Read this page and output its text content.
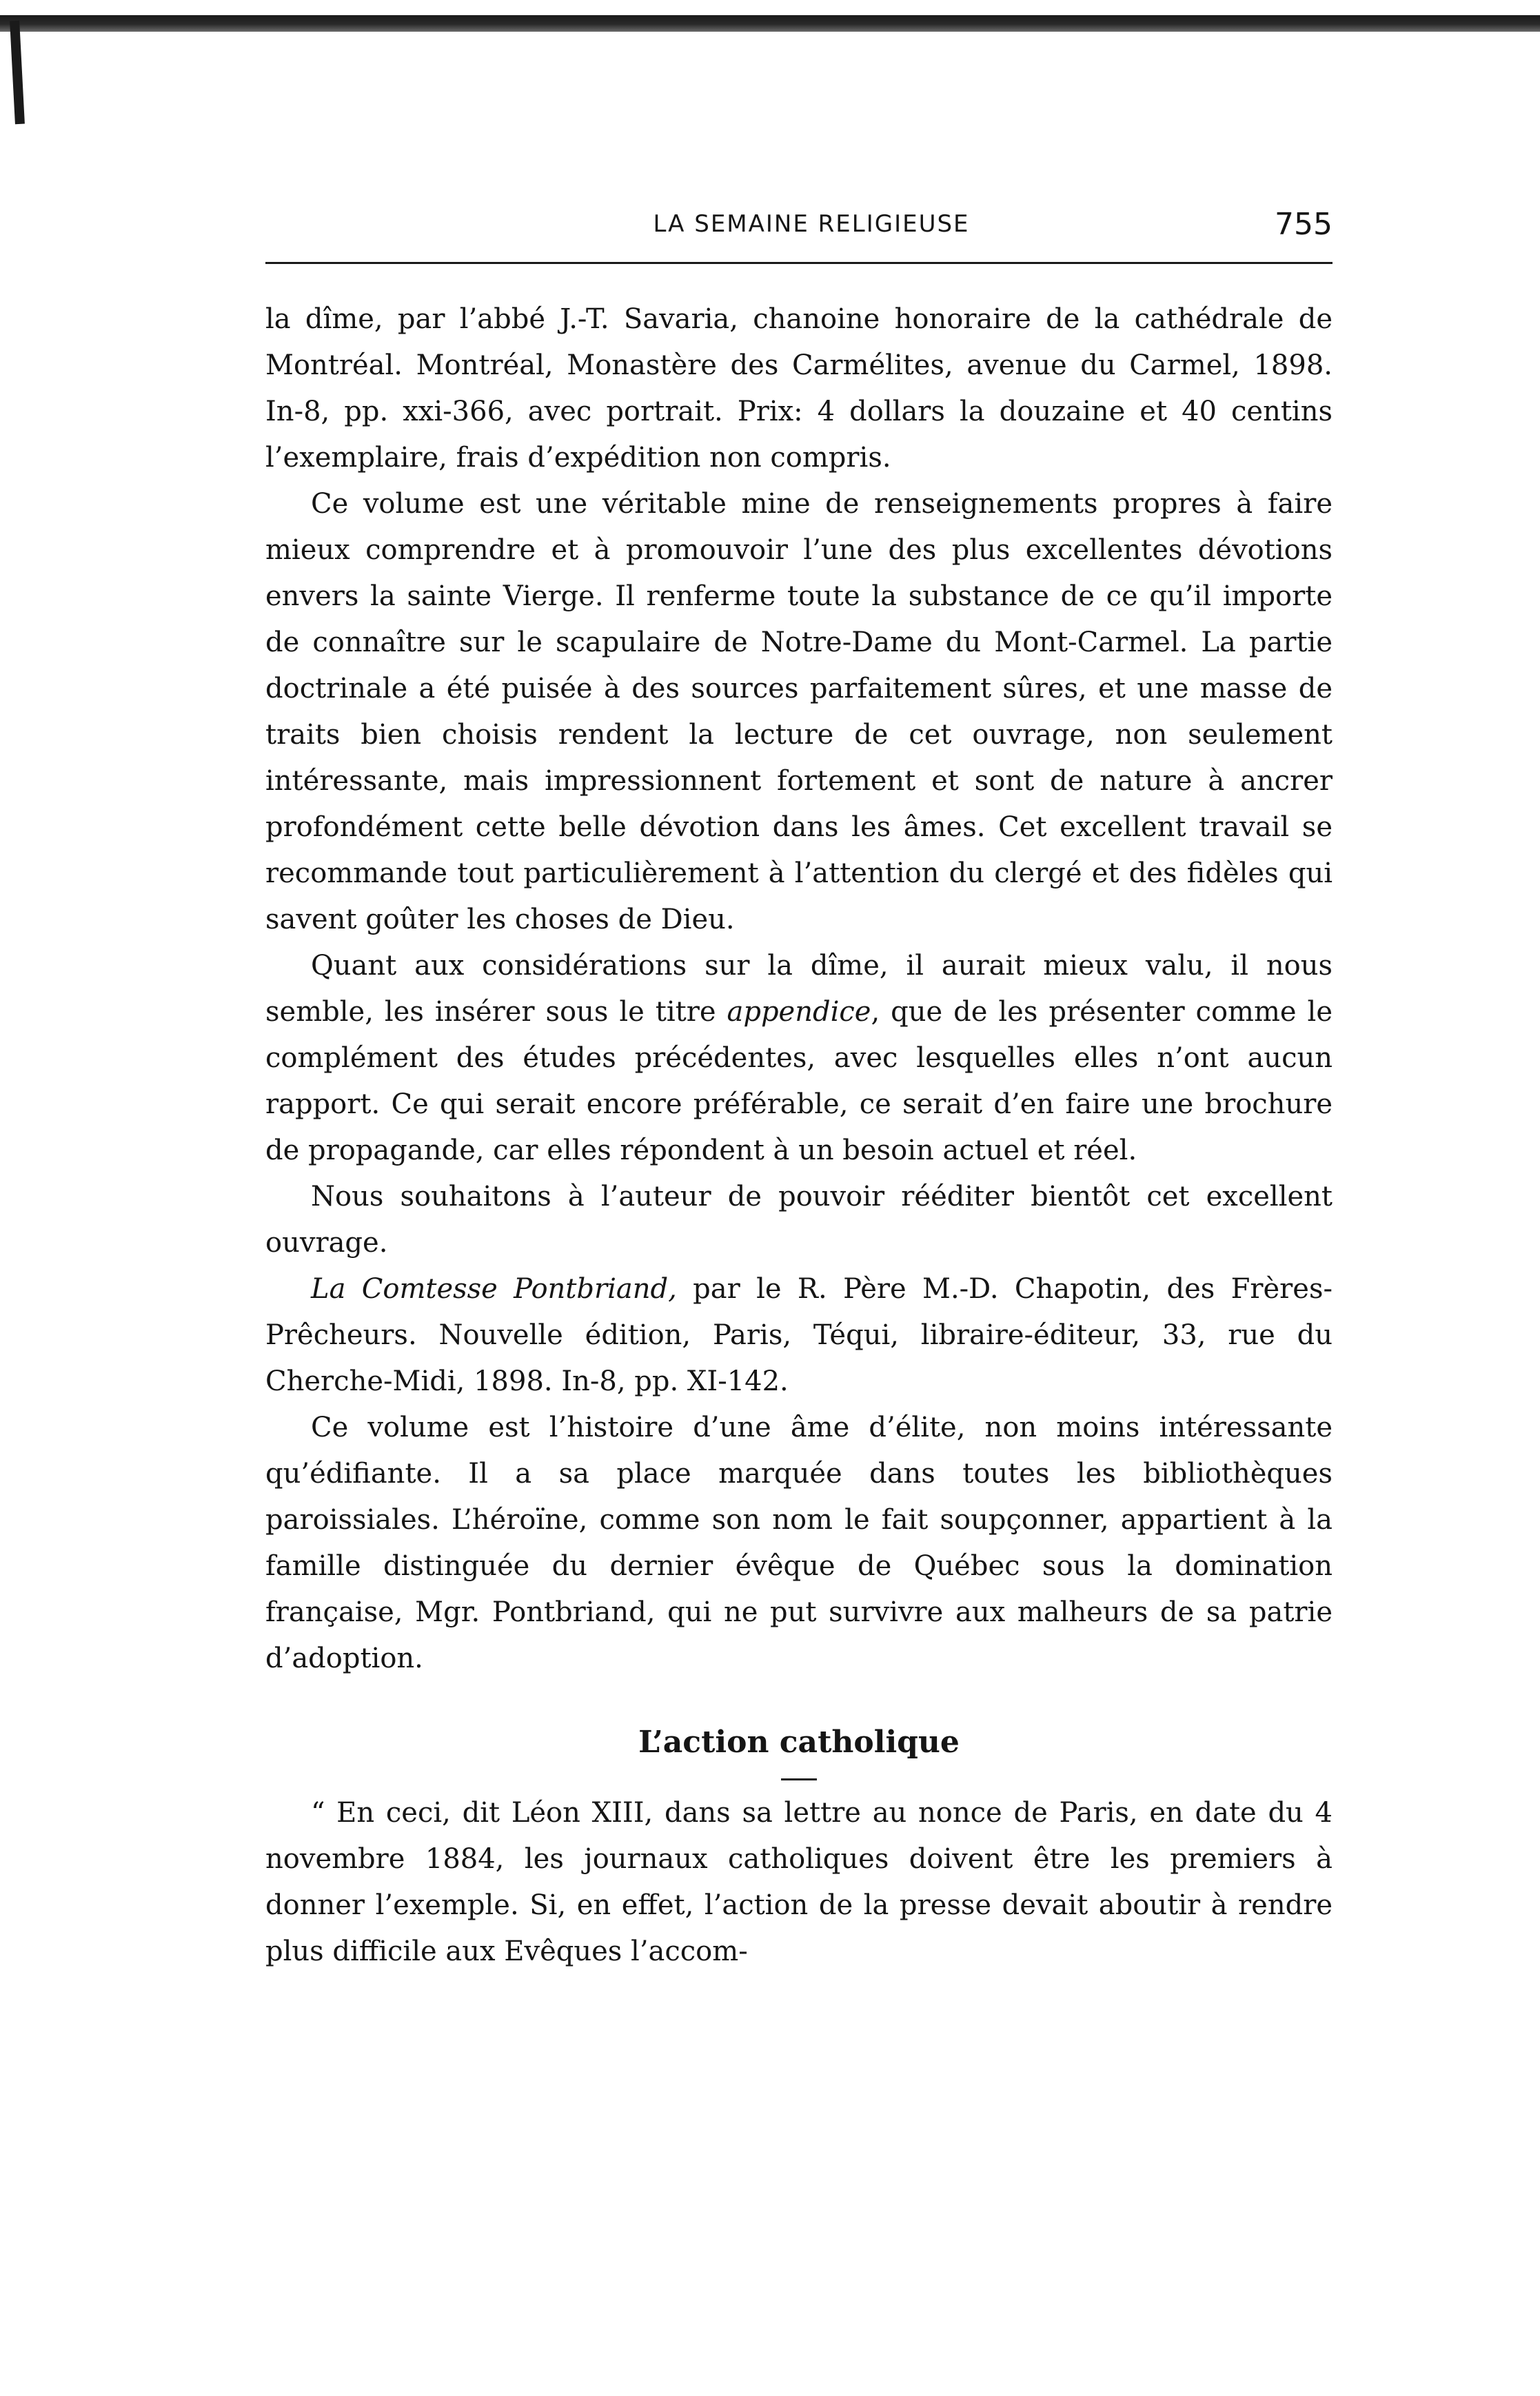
LA SEMAINE RELIGIEUSE	755

la dîme, par l’abbé J.-T. Savaria, chanoine honoraire de la cathédrale de Montréal. Montréal, Monastère des Carmélites, avenue du Carmel, 1898. In-8, pp. xxi-366, avec portrait. Prix: 4 dollars la douzaine et 40 centins l’exemplaire, frais d’expédition non compris.

Ce volume est une véritable mine de renseignements propres à faire mieux comprendre et à promouvoir l’une des plus excellentes dévotions envers la sainte Vierge. Il renferme toute la substance de ce qu’il importe de connaître sur le scapulaire de Notre-Dame du Mont-Carmel. La partie doctrinale a été puisée à des sources parfaitement sûres, et une masse de traits bien choisis rendent la lecture de cet ouvrage, non seulement intéressante, mais impressionnent fortement et sont de nature à ancrer profondément cette belle dévotion dans les âmes. Cet excellent travail se recommande tout particulièrement à l’attention du clergé et des fidèles qui savent goûter les choses de Dieu.

Quant aux considérations sur la dîme, il aurait mieux valu, il nous semble, les insérer sous le titre appendice, que de les présenter comme le complément des études précédentes, avec lesquelles elles n’ont aucun rapport. Ce qui serait encore préférable, ce serait d’en faire une brochure de propagande, car elles répondent à un besoin actuel et réel.

Nous souhaitons à l’auteur de pouvoir rééditer bientôt cet excellent ouvrage.

La Comtesse Pontbriand, par le R. Père M.-D. Chapotin, des Frères-Prêcheurs. Nouvelle édition, Paris, Téqui, libraire-éditeur, 33, rue du Cherche-Midi, 1898. In-8, pp. XI-142.

Ce volume est l’histoire d’une âme d’élite, non moins intéressante qu’édifiante. Il a sa place marquée dans toutes les bibliothèques paroissiales. L’héroïne, comme son nom le fait soupçonner, appartient à la famille distinguée du dernier évêque de Québec sous la domination française, Mgr. Pontbriand, qui ne put survivre aux malheurs de sa patrie d’adoption.

L’action catholique

“ En ceci, dit Léon XIII, dans sa lettre au nonce de Paris, en date du 4 novembre 1884, les journaux catholiques doivent être les premiers à donner l’exemple. Si, en effet, l’action de la presse devait aboutir à rendre plus difficile aux Evêques l’accom-
